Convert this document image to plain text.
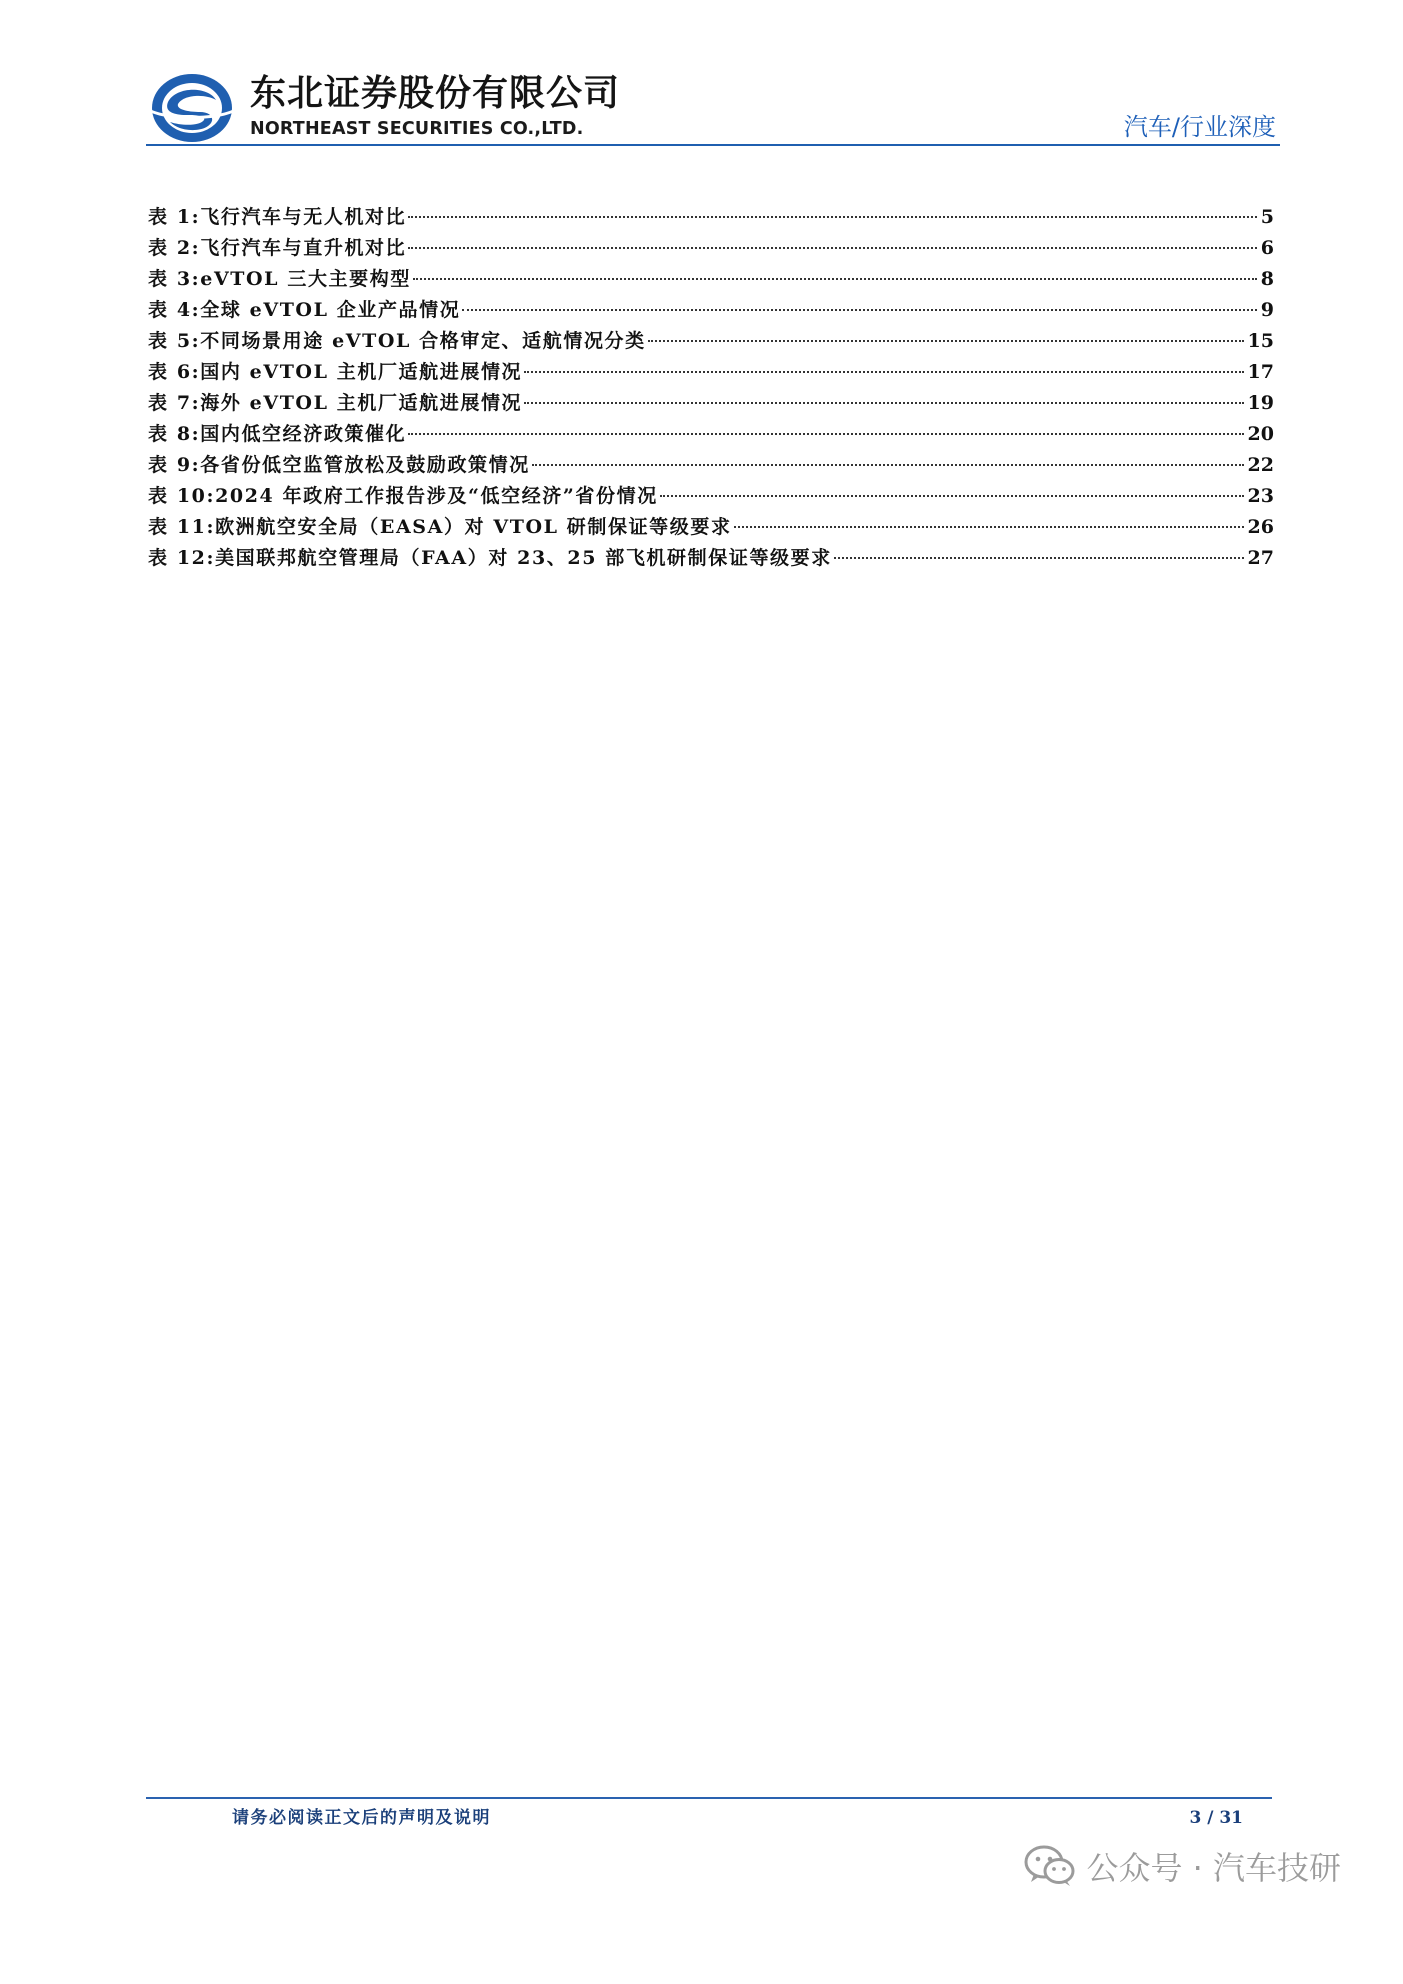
东北证券股份有限公司
NORTHEAST SECURITIES CO.,LTD.	汽车/行业深度
表 1: 飞行汽车与无人机对比	5
表 2: 飞行汽车与直升机对比	6
表 3: eVTOL 三大主要构型	8
表 4: 全球 eVTOL 企业产品情况	9
表 5: 不同场景用途 eVTOL 合格审定、适航情况分类	15
表 6: 国内 eVTOL 主机厂适航进展情况	17
表 7: 海外 eVTOL 主机厂适航进展情况	19
表 8: 国内低空经济政策催化	20
表 9: 各省份低空监管放松及鼓励政策情况	22
表 10: 2024 年政府工作报告涉及“低空经济”省份情况	23
表 11: 欧洲航空安全局（EASA）对 VTOL 研制保证等级要求	26
表 12: 美国联邦航空管理局（FAA）对 23、25 部飞机研制保证等级要求	27
请务必阅读正文后的声明及说明	3 / 31
公众号 · 汽车技研
